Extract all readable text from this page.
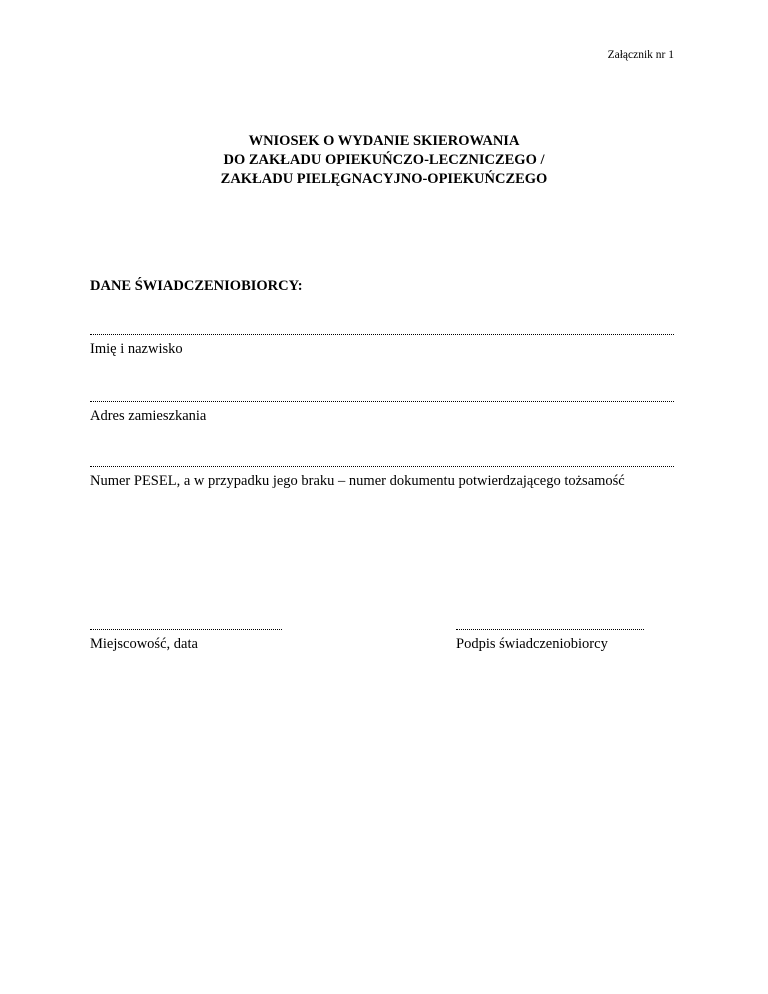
Załącznik nr 1
WNIOSEK O WYDANIE SKIEROWANIA
DO ZAKŁADU OPIEKUŃCZO-LECZNICZEGO /
ZAKŁADU PIELĘGNACYJNO-OPIEKUŃCZEGO
DANE ŚWIADCZENIOBIORCY:
Imię i nazwisko
Adres zamieszkania
Numer PESEL, a w przypadku jego braku – numer dokumentu potwierdzającego tożsamość
Miejscowość, data	Podpis świadczeniobiorcy
